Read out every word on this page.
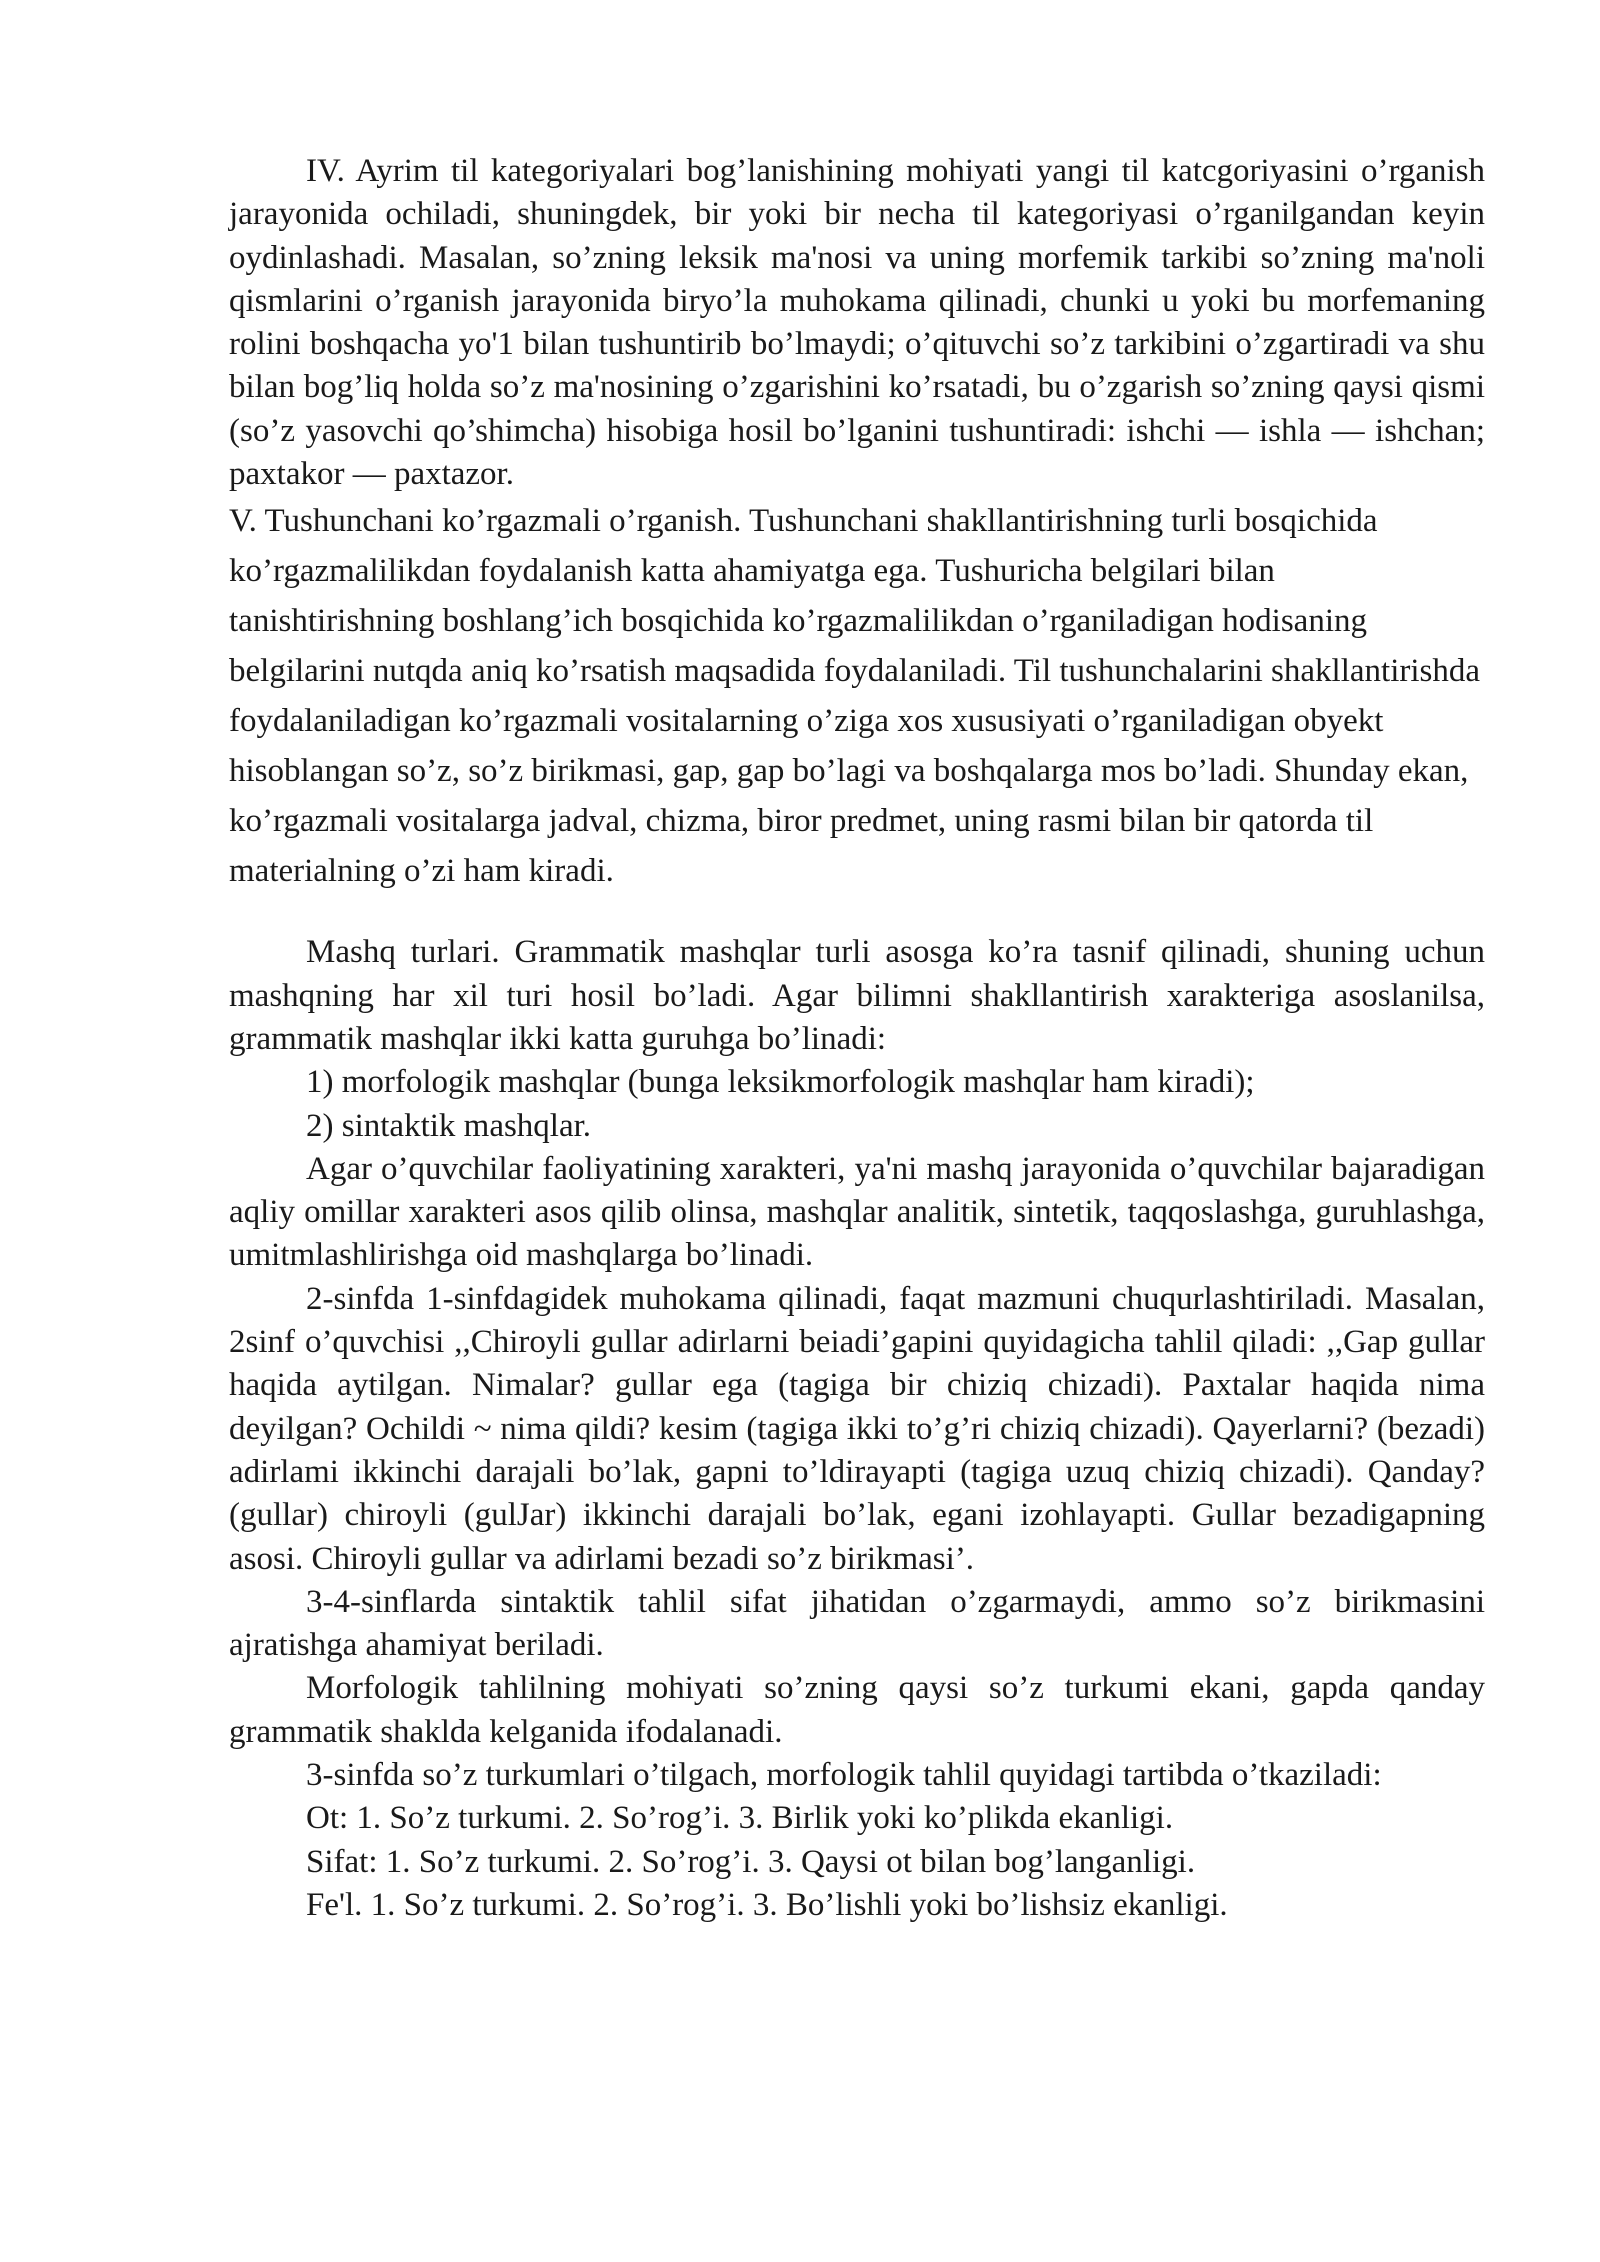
IV. Ayrim til kategoriyalari bog’lanishining mohiyati yangi til katcgoriyasini o’rganish jarayonida ochiladi, shuningdek, bir yoki bir necha til kategoriyasi o’rganilgandan keyin oydinlashadi. Masalan, so’zning leksik ma'nosi va uning morfemik tarkibi so’zning ma'noli qismlarini o’rganish jarayonida biryo’la muhokama qilinadi, chunki u yoki bu morfemaning rolini boshqacha yo'1 bilan tushuntirib bo’lmaydi; o’qituvchi so’z tarkibini o’zgartiradi va shu bilan bog’liq holda so’z ma'nosining o’zgarishini ko’rsatadi, bu o’zgarish so’zning qaysi qismi (so’z yasovchi qo’shimcha) hisobiga hosil bo’lganini tushuntiradi: ishchi — ishla — ishchan; paxtakor — paxtazor.

V. Tushunchani ko’rgazmali o’rganish. Tushunchani shakllantirishning turli bosqichida ko’rgazmalilikdan foydalanish katta ahamiyatga ega. Tushuricha belgilari bilan tanishtirishning boshlang’ich bosqichida ko’rgazmalilikdan o’rganiladigan hodisaning belgilarini nutqda aniq ko’rsatish maqsadida foydalaniladi. Til tushunchalarini shakllantirishda foydalaniladigan ko’rgazmali vositalarning o’ziga xos xususiyati o’rganiladigan obyekt hisoblangan so’z, so’z birikmasi, gap, gap bo’lagi va boshqalarga mos bo’ladi. Shunday ekan, ko’rgazmali vositalarga jadval, chizma, biror predmet, uning rasmi bilan bir qatorda til materialning o’zi ham kiradi.

Mashq turlari. Grammatik mashqlar turli asosga ko’ra tasnif qilinadi, shuning uchun mashqning har xil turi hosil bo’ladi. Agar bilimni shakllantirish xarakteriga asoslanilsa, grammatik mashqlar ikki katta guruhga bo’linadi:

1) morfologik mashqlar (bunga leksikmorfologik mashqlar ham kiradi);

2) sintaktik mashqlar.

Agar o’quvchilar faoliyatining xarakteri, ya'ni mashq jarayonida o’quvchilar bajaradigan aqliy omillar xarakteri asos qilib olinsa, mashqlar analitik, sintetik, taqqoslashga, guruhlashga, umitmlashlirishga oid mashqlarga bo’linadi.

2-sinfda 1-sinfdagidek muhokama qilinadi, faqat mazmuni chuqurlashtiriladi. Masalan, 2sinf o’quvchisi ,,Chiroyli gullar adirlarni beiadi’gapini quyidagicha tahlil qiladi: ,,Gap gullar haqida aytilgan. Nimalar? gullar ega (tagiga bir chiziq chizadi). Paxtalar haqida nima deyilgan? Ochildi ~ nima qildi? kesim (tagiga ikki to’g’ri chiziq chizadi). Qayerlarni? (bezadi) adirlami ikkinchi darajali bo’lak, gapni to’ldirayapti (tagiga uzuq chiziq chizadi). Qanday? (gullar) chiroyli (gulJar) ikkinchi darajali bo’lak, egani izohlayapti. Gullar bezadigapning asosi. Chiroyli gullar va adirlami bezadi so’z birikmasi’.

3-4-sinflarda sintaktik tahlil sifat jihatidan o’zgarmaydi, ammo so’z birikmasini ajratishga ahamiyat beriladi.

Morfologik tahlilning mohiyati so’zning qaysi so’z turkumi ekani, gapda qanday grammatik shaklda kelganida ifodalanadi.

3-sinfda so’z turkumlari o’tilgach, morfologik tahlil quyidagi tartibda o’tkaziladi:

Ot: 1. So’z turkumi. 2. So’rog’i. 3. Birlik yoki ko’plikda ekanligi.

Sifat: 1. So’z turkumi. 2. So’rog’i. 3. Qaysi ot bilan bog’langanligi.

Fe'l. 1. So’z turkumi. 2. So’rog’i. 3. Bo’lishli yoki bo’lishsiz ekanligi.
